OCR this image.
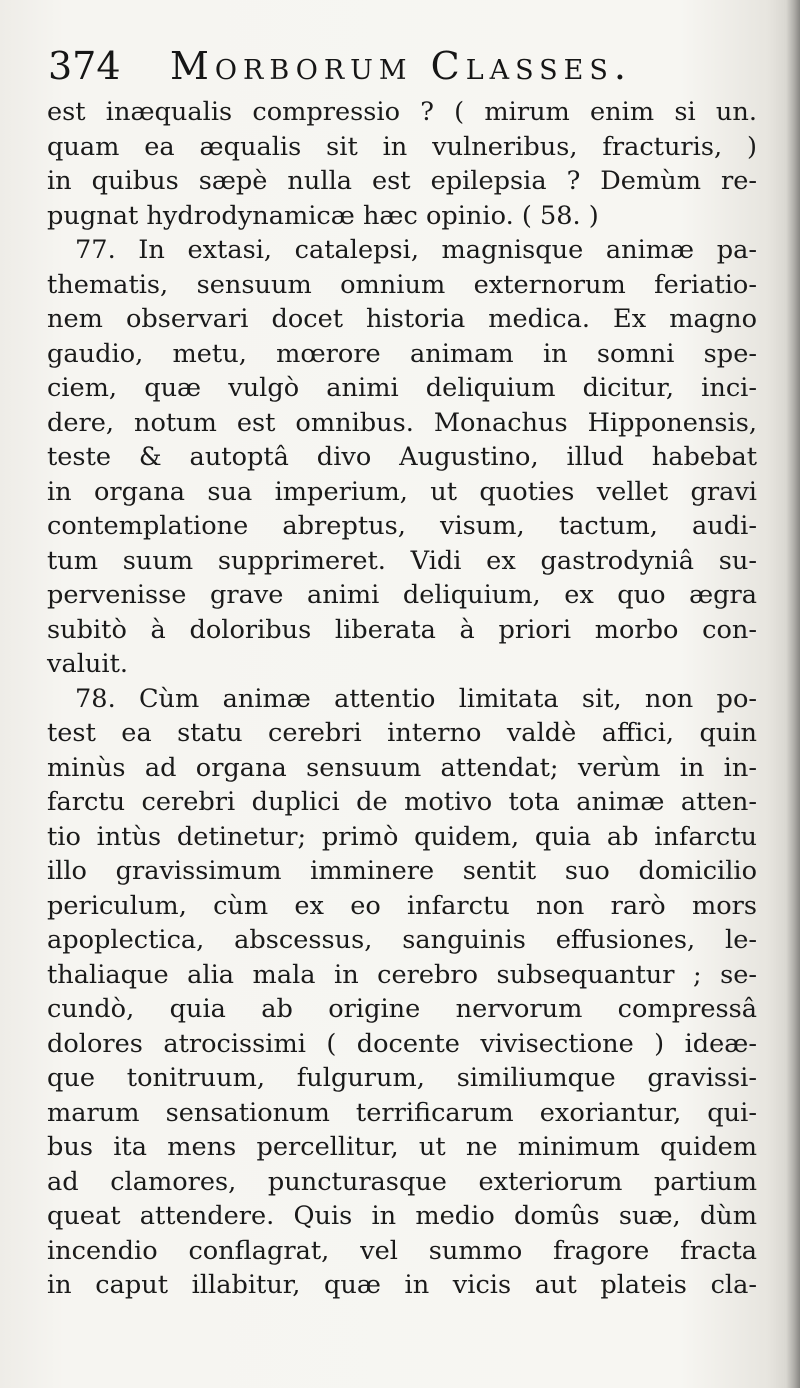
374 Morborum Classes.
est inæqualis compressio ? ( mirum enim si un.
quam ea æqualis sit in vulneribus, fracturis, )
in quibus sæpè nulla est epilepsia ? Demùm re-
pugnat hydrodynamicæ hæc opinio. ( 58. )
77. In extasi, catalepsi, magnisque animæ pa-
thematis, sensuum omnium externorum feriatio-
nem observari docet historia medica. Ex magno
gaudio, metu, mœrore animam in somni spe-
ciem, quæ vulgò animi deliquium dicitur, inci-
dere, notum est omnibus. Monachus Hipponensis,
teste & autoptâ divo Augustino, illud habebat
in organa sua imperium, ut quoties vellet gravi
contemplatione abreptus, visum, tactum, audi-
tum suum supprimeret. Vidi ex gastrodyniâ su-
pervenisse grave animi deliquium, ex quo ægra
subitò à doloribus liberata à priori morbo con-
valuit.
78. Cùm animæ attentio limitata sit, non po-
test ea statu cerebri interno valdè affici, quin
minùs ad organa sensuum attendat; verùm in in-
farctu cerebri duplici de motivo tota animæ atten-
tio intùs detinetur; primò quidem, quia ab infarctu
illo gravissimum imminere sentit suo domicilio
periculum, cùm ex eo infarctu non rarò mors
apoplectica, abscessus, sanguinis effusiones, le-
thaliaque alia mala in cerebro subsequantur ; se-
cundò, quia ab origine nervorum compressâ
dolores atrocissimi ( docente vivisectione ) ideæ-
que tonitruum, fulgurum, similiumque gravissi-
marum sensationum terrificarum exoriantur, qui-
bus ita mens percellitur, ut ne minimum quidem
ad clamores, puncturasque exteriorum partium
queat attendere. Quis in medio domûs suæ, dùm
incendio conflagrat, vel summo fragore fracta
in caput illabitur, quæ in vicis aut plateis cla-
